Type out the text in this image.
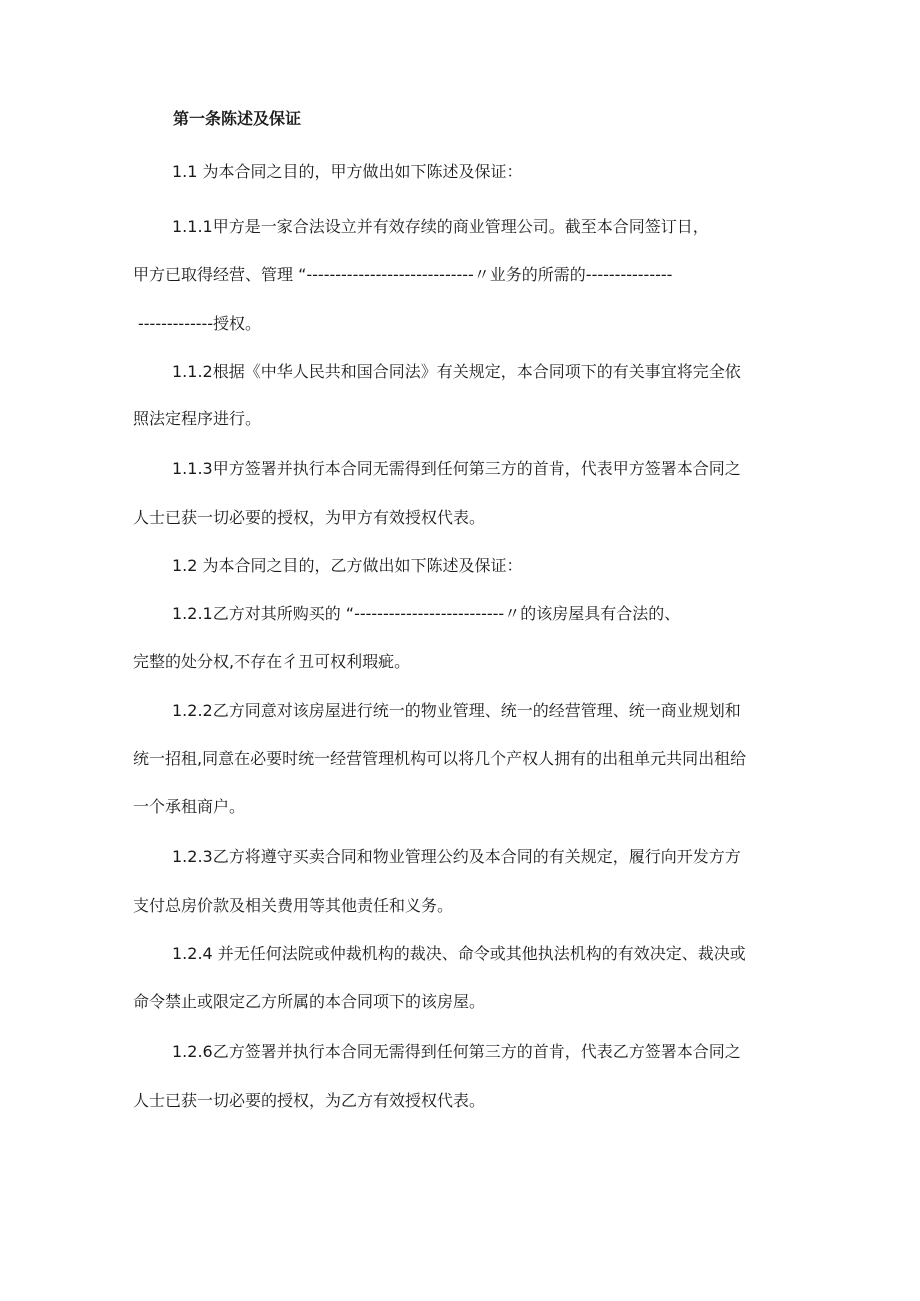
第一条陈述及保证
1.1 为本合同之目的，甲方做出如下陈述及保证：
1.1.1甲方是一家合法设立并有效存续的商业管理公司。截至本合同签订日，
甲方已取得经营、管理 “-----------------------------〃业务的所需的---------------
-------------授权。
1.1.2根据《中华人民共和国合同法》有关规定，本合同项下的有关事宜将完全依
照法定程序进行。
1.1.3甲方签署并执行本合同无需得到任何第三方的首肯，代表甲方签署本合同之
人士已获一切必要的授权，为甲方有效授权代表。
1.2 为本合同之目的，乙方做出如下陈述及保证：
1.2.1乙方对其所购买的 “--------------------------〃的该房屋具有合法的、
完整的处分权,不存在彳丑可权利瑕疵。
1.2.2乙方同意对该房屋进行统一的物业管理、统一的经营管理、统一商业规划和
统一招租,同意在必要时统一经营管理机构可以将几个产权人拥有的出租单元共同出租给
一个承租商户。
1.2.3乙方将遵守买卖合同和物业管理公约及本合同的有关规定，履行向开发方方
支付总房价款及相关费用等其他责任和义务。
1.2.4 并无任何法院或仲裁机构的裁决、命令或其他执法机构的有效决定、裁决或
命令禁止或限定乙方所属的本合同项下的该房屋。
1.2.6乙方签署并执行本合同无需得到任何第三方的首肯，代表乙方签署本合同之
人士已获一切必要的授权，为乙方有效授权代表。
